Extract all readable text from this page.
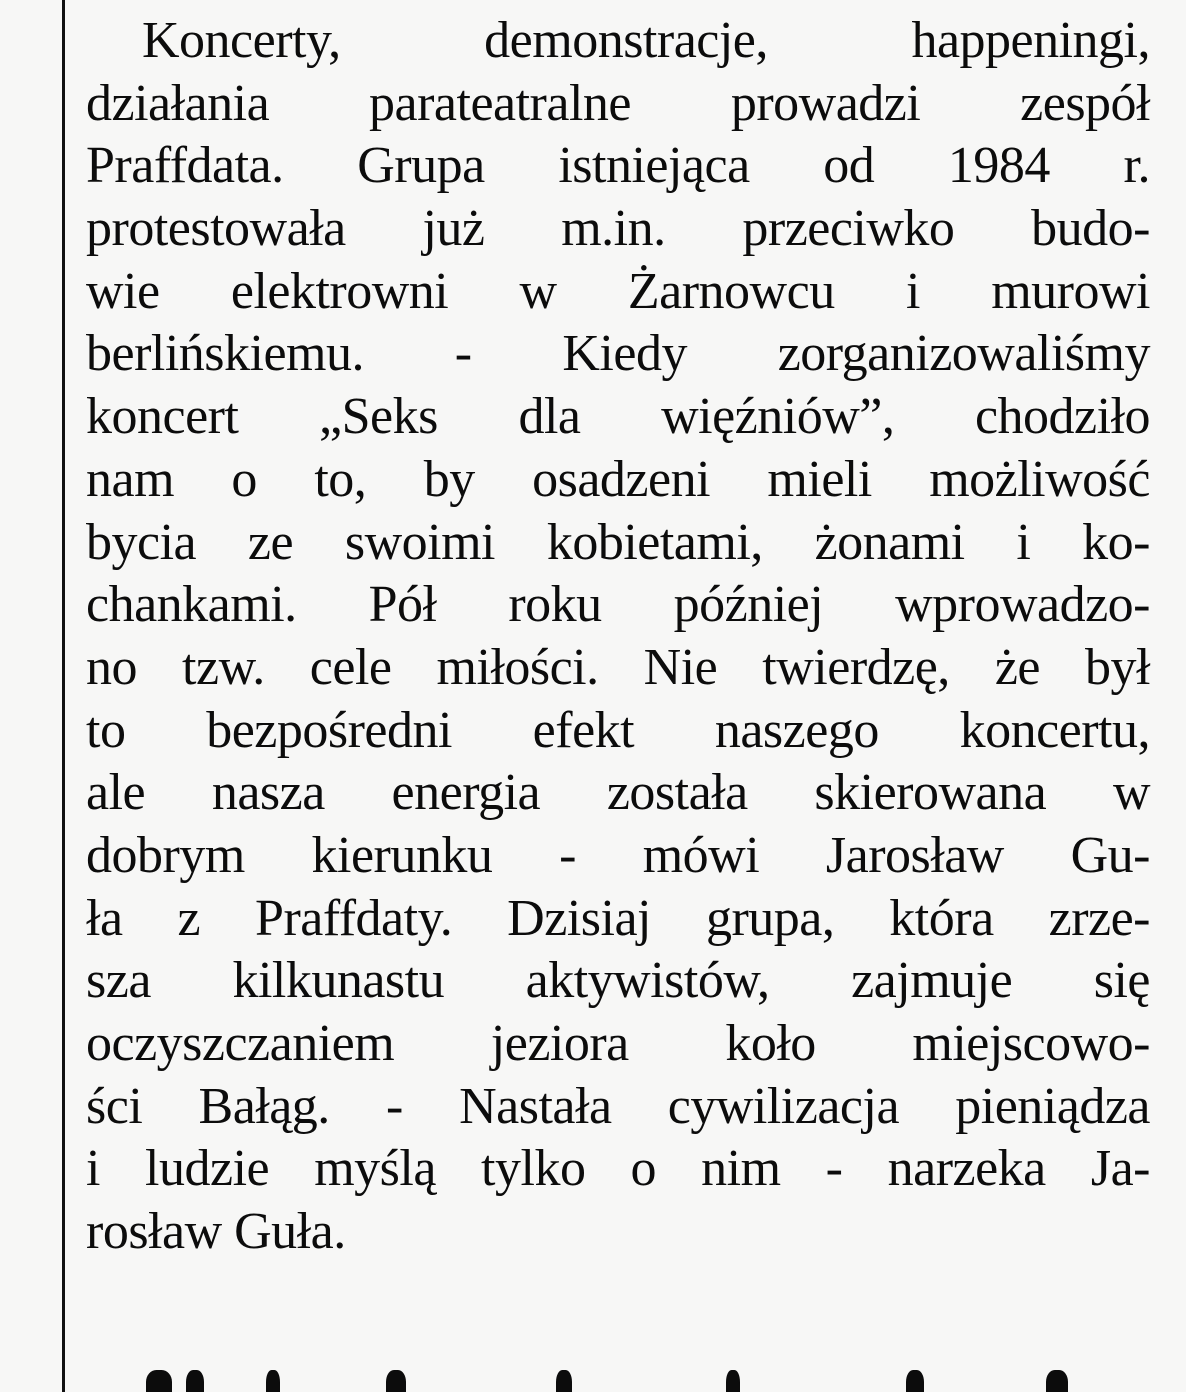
Koncerty, demonstracje, happeningi,
działania parateatralne prowadzi zespół
Praffdata. Grupa istniejąca od 1984 r.
protestowała już m.in. przeciwko budo-
wie elektrowni w Żarnowcu i murowi
berlińskiemu. - Kiedy zorganizowaliśmy
koncert „Seks dla więźniów”, chodziło
nam o to, by osadzeni mieli możliwość
bycia ze swoimi kobietami, żonami i ko-
chankami. Pół roku później wprowadzo-
no tzw. cele miłości. Nie twierdzę, że był
to bezpośredni efekt naszego koncertu,
ale nasza energia została skierowana w
dobrym kierunku - mówi Jarosław Gu-
ła z Praffdaty. Dzisiaj grupa, która zrze-
sza kilkunastu aktywistów, zajmuje się
oczyszczaniem jeziora koło miejscowo-
ści Bałąg. - Nastała cywilizacja pieniądza
i ludzie myślą tylko o nim - narzeka Ja-
rosław Guła.
